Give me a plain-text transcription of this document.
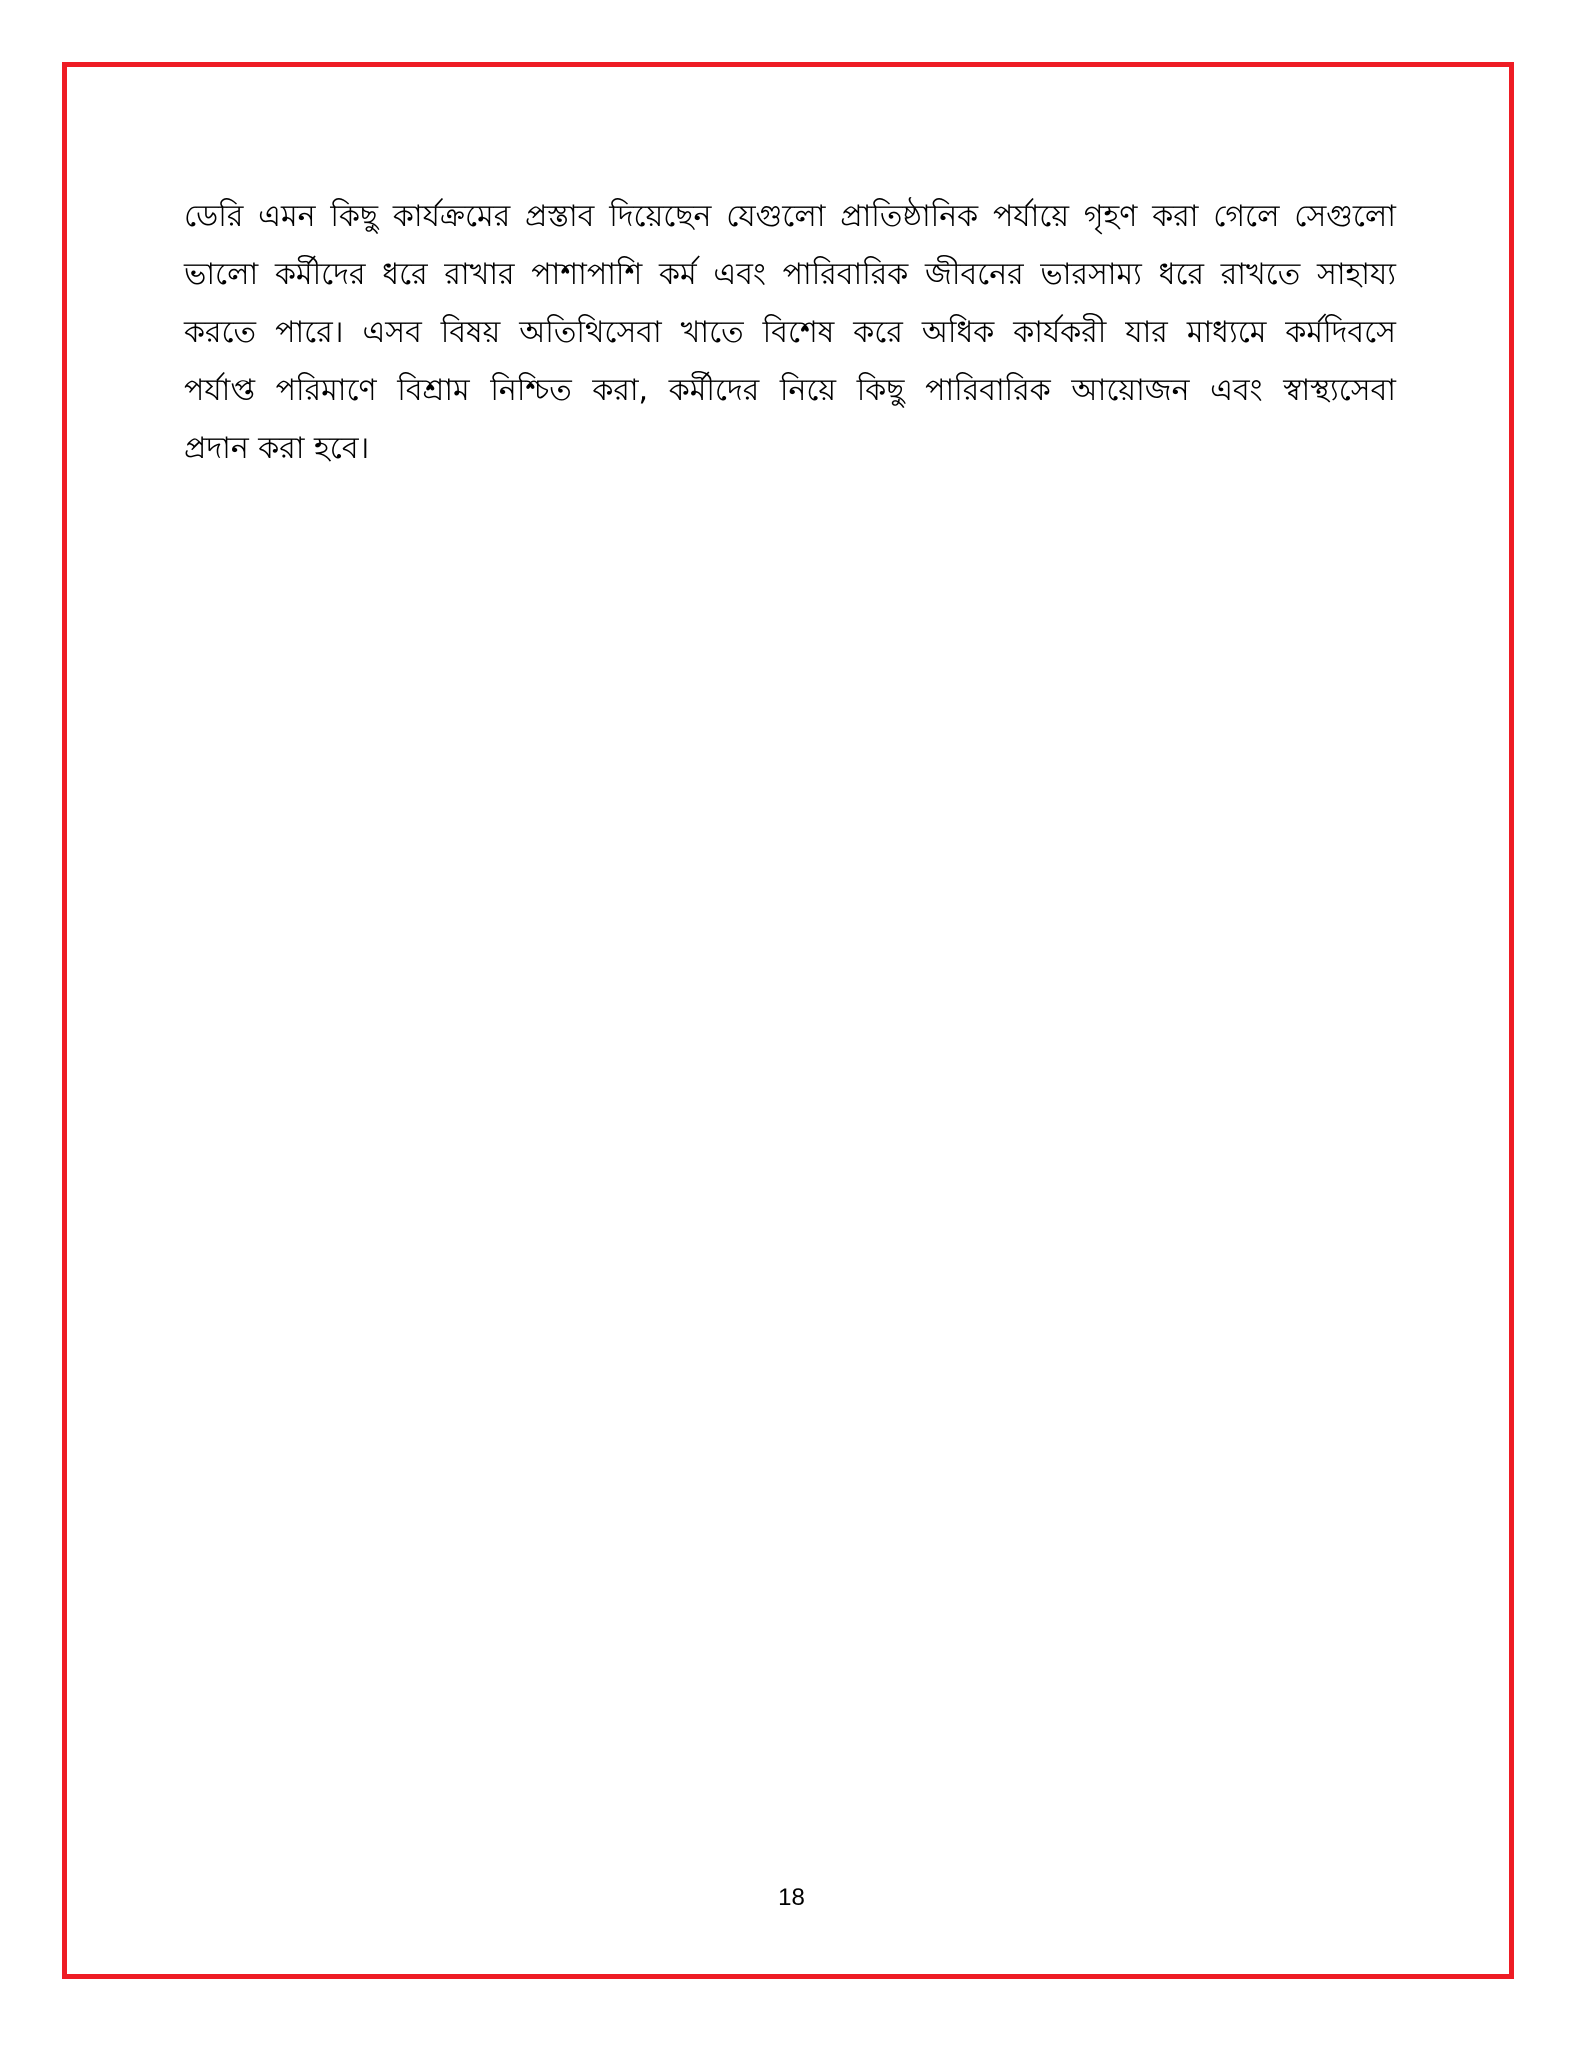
ডেরি এমন কিছু কার্যক্রমের প্রস্তাব দিয়েছেন যেগুলো প্রাতিষ্ঠানিক পর্যায়ে গৃহণ করা গেলে সেগুলো
ভালো কর্মীদের ধরে রাখার পাশাপাশি কর্ম এবং পারিবারিক জীবনের ভারসাম্য ধরে রাখতে সাহায্য
করতে পারে। এসব বিষয় অতিথিসেবা খাতে বিশেষ করে অধিক কার্যকরী যার মাধ্যমে কর্মদিবসে
পর্যাপ্ত পরিমাণে বিশ্রাম নিশ্চিত করা, কর্মীদের নিয়ে কিছু পারিবারিক আয়োজন এবং স্বাস্থ্যসেবা
প্রদান করা হবে।

18
